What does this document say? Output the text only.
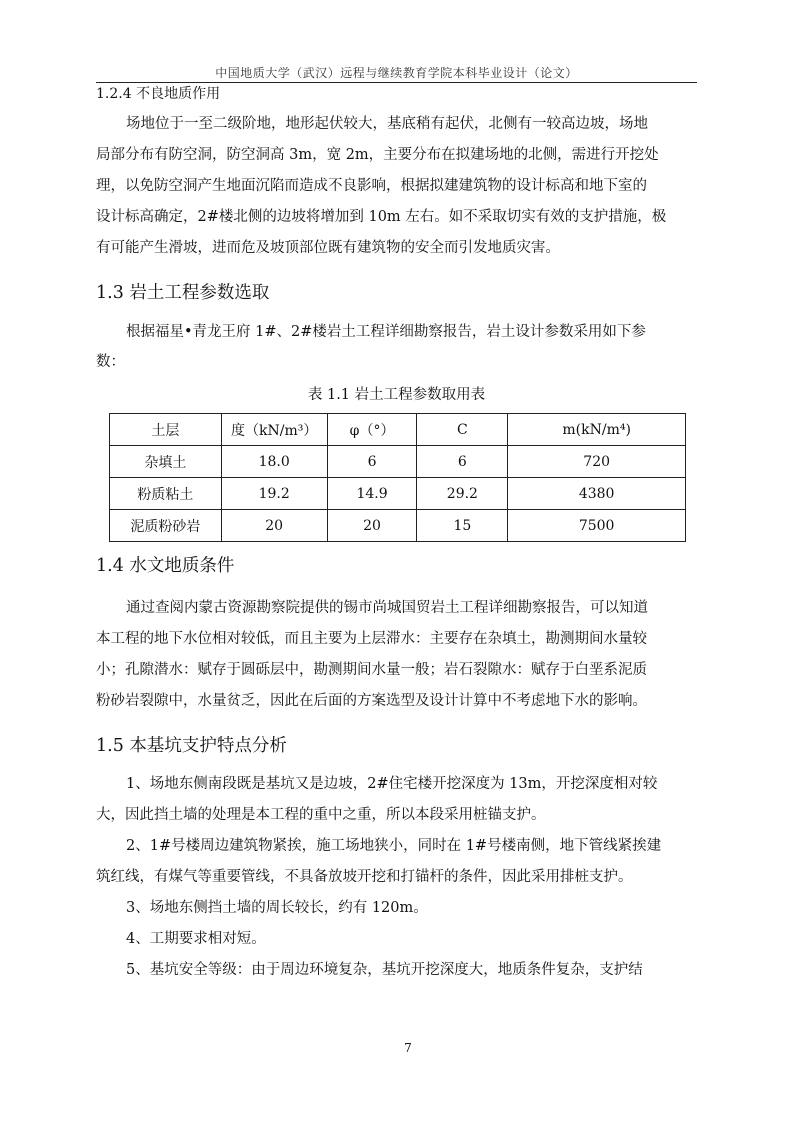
中国地质大学（武汉）远程与继续教育学院本科毕业设计（论文）
1.2.4 不良地质作用
场地位于一至二级阶地，地形起伏较大，基底稍有起伏，北侧有一较高边坡，场地
局部分布有防空洞，防空洞高 3m，宽 2m，主要分布在拟建场地的北侧，需进行开挖处
理，以免防空洞产生地面沉陷而造成不良影响，根据拟建建筑物的设计标高和地下室的
设计标高确定，2#楼北侧的边坡将增加到 10m 左右。如不采取切实有效的支护措施，极
有可能产生滑坡，进而危及坡顶部位既有建筑物的安全而引发地质灾害。
1.3 岩土工程参数选取
根据福星•青龙王府 1#、2#楼岩土工程详细勘察报告，岩土设计参数采用如下参
数：
表 1.1 岩土工程参数取用表
土层	度（kN/m³）	φ（°）	C	m(kN/m⁴)
杂填土	18.0	6	6	720
粉质粘土	19.2	14.9	29.2	4380
泥质粉砂岩	20	20	15	7500
1.4 水文地质条件
通过查阅内蒙古资源勘察院提供的锡市尚城国贸岩土工程详细勘察报告，可以知道
本工程的地下水位相对较低，而且主要为上层滞水：主要存在杂填土，勘测期间水量较
小；孔隙潜水：赋存于圆砾层中，勘测期间水量一般；岩石裂隙水：赋存于白垩系泥质
粉砂岩裂隙中，水量贫乏，因此在后面的方案选型及设计计算中不考虑地下水的影响。
1.5 本基坑支护特点分析
1、场地东侧南段既是基坑又是边坡，2#住宅楼开挖深度为 13m，开挖深度相对较
大，因此挡土墙的处理是本工程的重中之重，所以本段采用桩锚支护。
2、1#号楼周边建筑物紧挨，施工场地狭小，同时在 1#号楼南侧，地下管线紧挨建
筑红线，有煤气等重要管线，不具备放坡开挖和打锚杆的条件，因此采用排桩支护。
3、场地东侧挡土墙的周长较长，约有 120m。
4、工期要求相对短。
5、基坑安全等级：由于周边环境复杂，基坑开挖深度大，地质条件复杂，支护结
7
